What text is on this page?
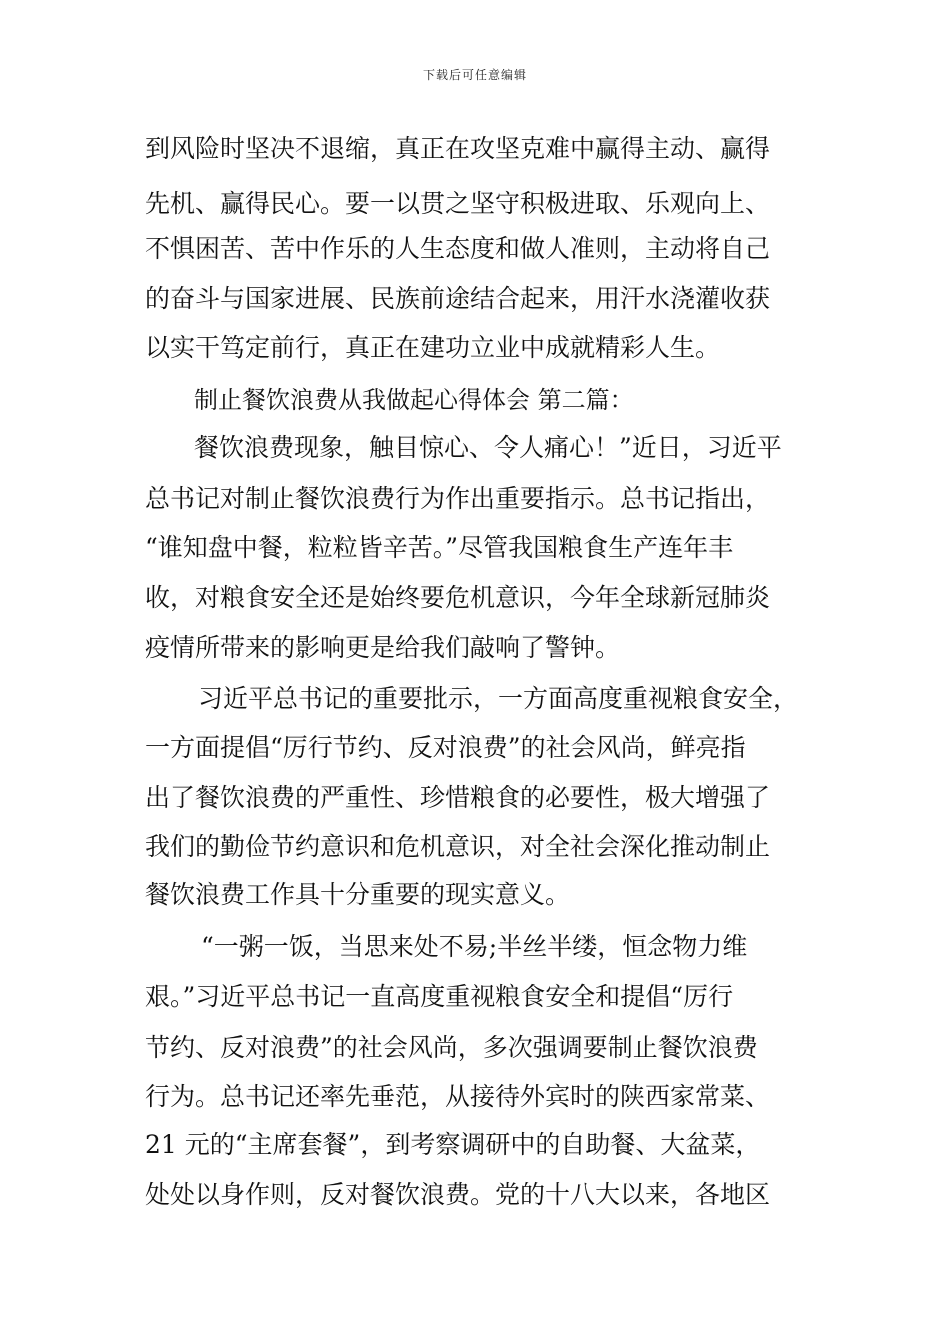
下载后可任意编辑
到风险时坚决不退缩，真正在攻坚克难中赢得主动、赢得
先机、赢得民心。要一以贯之坚守积极进取、乐观向上、
不惧困苦、苦中作乐的人生态度和做人准则，主动将自己
的奋斗与国家进展、民族前途结合起来，用汗水浇灌收获
以实干笃定前行，真正在建功立业中成就精彩人生。
制止餐饮浪费从我做起心得体会 第二篇：
餐饮浪费现象，触目惊心、令人痛心！”近日，习近平
总书记对制止餐饮浪费行为作出重要指示。总书记指出，
“谁知盘中餐，粒粒皆辛苦。”尽管我国粮食生产连年丰
收，对粮食安全还是始终要危机意识，今年全球新冠肺炎
疫情所带来的影响更是给我们敲响了警钟。
习近平总书记的重要批示，一方面高度重视粮食安全，
一方面提倡“厉行节约、反对浪费”的社会风尚，鲜亮指
出了餐饮浪费的严重性、珍惜粮食的必要性，极大增强了
我们的勤俭节约意识和危机意识，对全社会深化推动制止
餐饮浪费工作具十分重要的现实意义。
“一粥一饭，当思来处不易;半丝半缕，恒念物力维
艰。”习近平总书记一直高度重视粮食安全和提倡“厉行
节约、反对浪费”的社会风尚，多次强调要制止餐饮浪费
行为。总书记还率先垂范，从接待外宾时的陕西家常菜、
21 元的“主席套餐”，到考察调研中的自助餐、大盆菜，
处处以身作则，反对餐饮浪费。党的十八大以来，各地区
